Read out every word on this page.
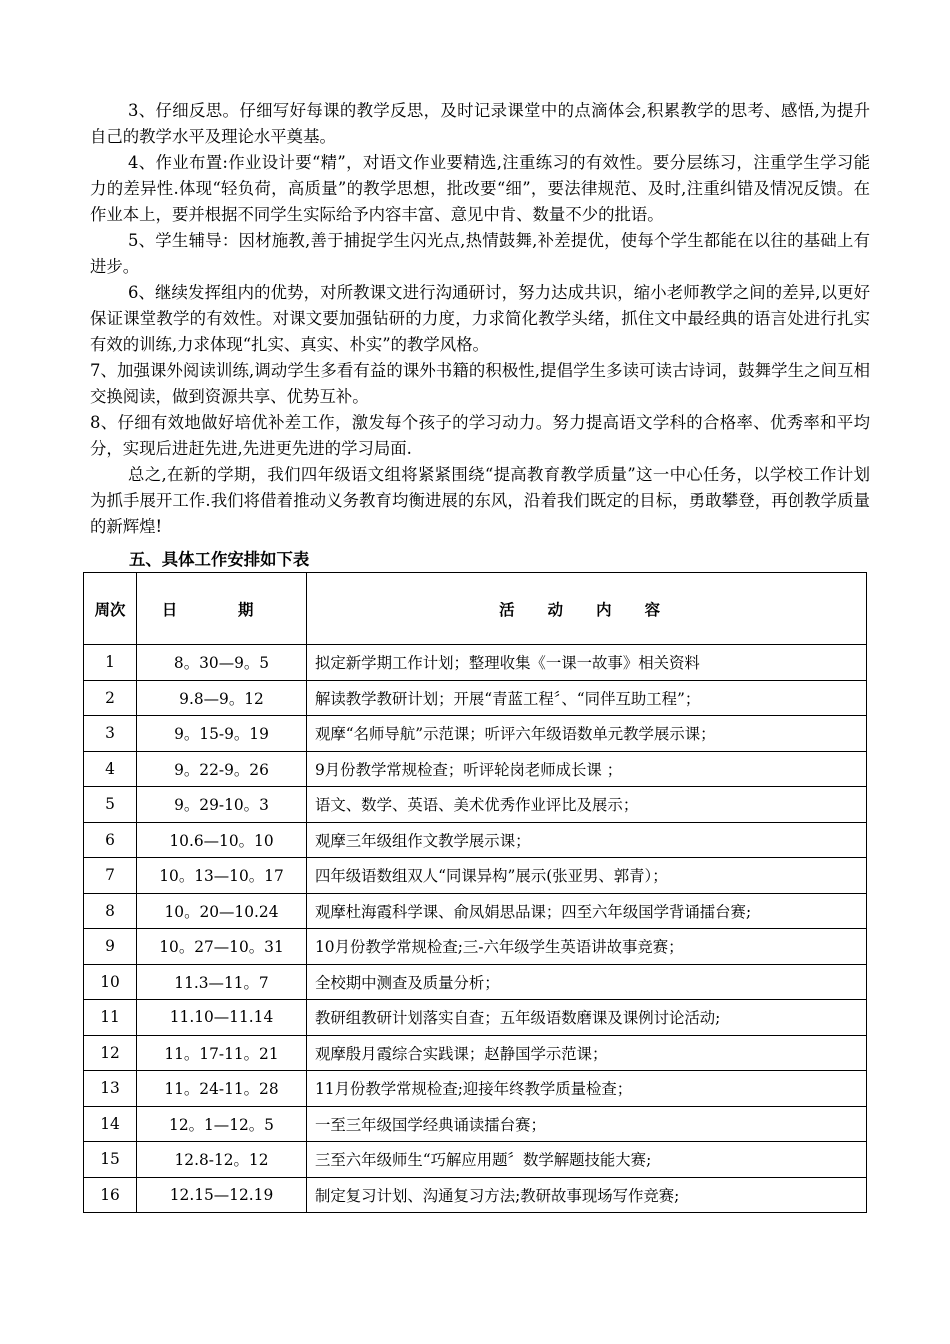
3、仔细反思。仔细写好每课的教学反思，及时记录课堂中的点滴体会,积累教学的思考、感悟,为提升自己的教学水平及理论水平奠基。

4、作业布置:作业设计要“精”，对语文作业要精选,注重练习的有效性。要分层练习，注重学生学习能力的差异性.体现“轻负荷，高质量”的教学思想，批改要“细”，要法律规范、及时,注重纠错及情况反馈。在作业本上，要并根据不同学生实际给予内容丰富、意见中肯、数量不少的批语。

5、学生辅导：因材施教,善于捕捉学生闪光点,热情鼓舞,补差提优，使每个学生都能在以往的基础上有进步。

6、继续发挥组内的优势，对所教课文进行沟通研讨，努力达成共识，缩小老师教学之间的差异,以更好保证课堂教学的有效性。对课文要加强钻研的力度，力求简化教学头绪，抓住文中最经典的语言处进行扎实有效的训练,力求体现“扎实、真实、朴实”的教学风格。

7、加强课外阅读训练,调动学生多看有益的课外书籍的积极性,提倡学生多读可读古诗词，鼓舞学生之间互相交换阅读，做到资源共享、优势互补。

8、仔细有效地做好培优补差工作，激发每个孩子的学习动力。努力提高语文学科的合格率、优秀率和平均分，实现后进赶先进,先进更先进的学习局面.

总之,在新的学期，我们四年级语文组将紧紧围绕“提高教育教学质量”这一中心任务，以学校工作计划为抓手展开工作.我们将借着推动义务教育均衡进展的东风，沿着我们既定的目标，勇敢攀登，再创教学质量的新辉煌!

五、具体工作安排如下表

周次	日 期	活 动 内 容
1	8。30—9。5	拟定新学期工作计划；整理收集《一课一故事》相关资料
2	9.8—9。12	解读教学教研计划；开展“青蓝工程〞、“同伴互助工程”；
3	9。15-9。19	观摩“名师导航”示范课；听评六年级语数单元教学展示课；
4	9。22-9。26	9月份教学常规检查；听评轮岗老师成长课 ；
5	9。29-10。3	语文、数学、英语、美术优秀作业评比及展示；
6	10.6—10。10	观摩三年级组作文教学展示课；
7	10。13—10。17	四年级语数组双人“同课异构”展示(张亚男、郭青）；
8	10。20—10.24	观摩杜海霞科学课、俞凤娟思品课；四至六年级国学背诵擂台赛;
9	10。27—10。31	10月份教学常规检查;三-六年级学生英语讲故事竞赛；
10	11.3—11。7	全校期中测查及质量分析；
11	11.10—11.14	教研组教研计划落实自查；五年级语数磨课及课例讨论活动;
12	11。17-11。21	观摩殷月霞综合实践课；赵静国学示范课；
13	11。24-11。28	11月份教学常规检查;迎接年终教学质量检查；
14	12。1—12。5	一至三年级国学经典诵读擂台赛；
15	12.8-12。12	三至六年级师生“巧解应用题〞数学解题技能大赛;
16	12.15—12.19	制定复习计划、沟通复习方法;教研故事现场写作竞赛;
